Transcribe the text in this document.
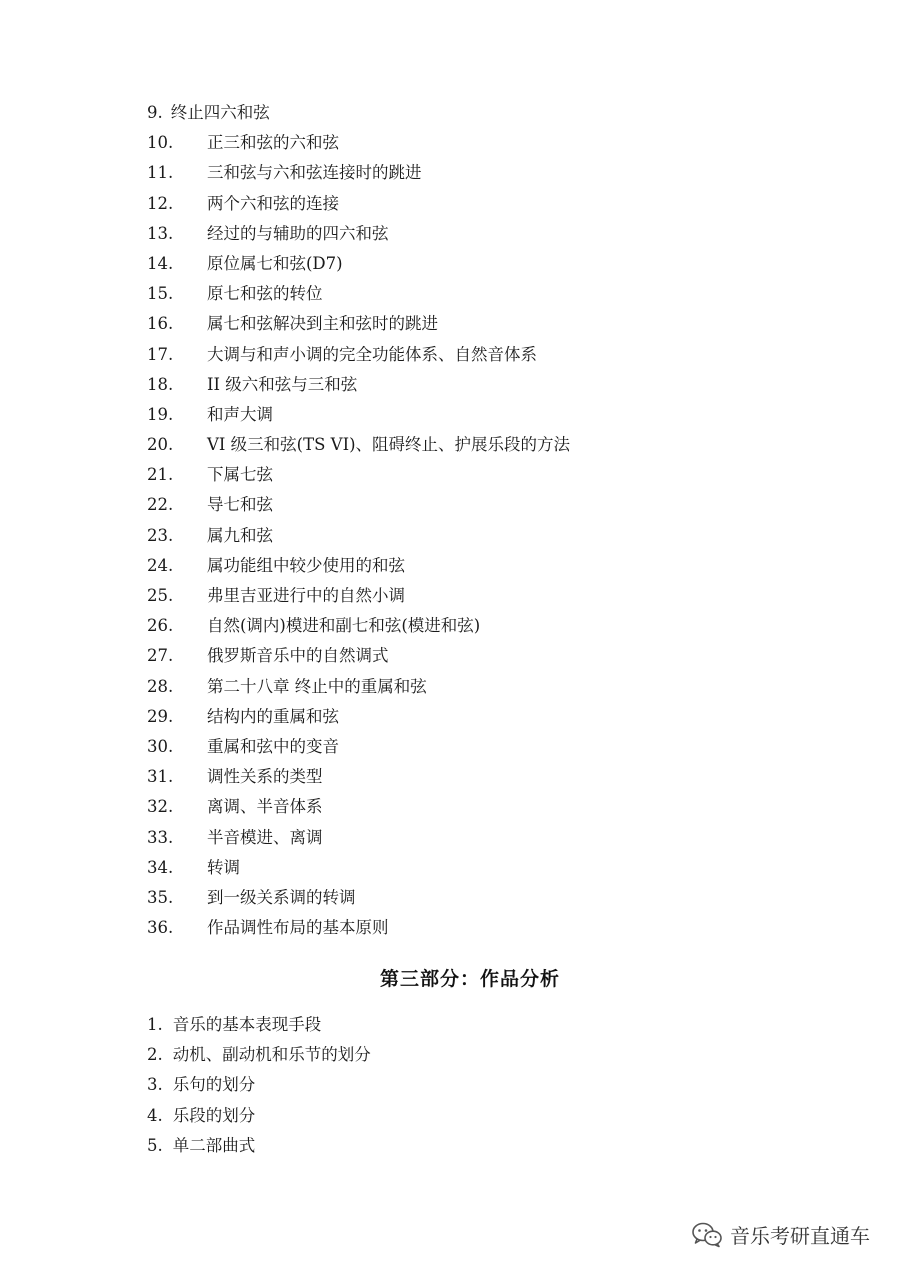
9. 终止四六和弦
10. 正三和弦的六和弦
11. 三和弦与六和弦连接时的跳进
12. 两个六和弦的连接
13. 经过的与辅助的四六和弦
14. 原位属七和弦(D7)
15. 原七和弦的转位
16. 属七和弦解决到主和弦时的跳进
17. 大调与和声小调的完全功能体系、自然音体系
18. II 级六和弦与三和弦
19. 和声大调
20. VI 级三和弦(TS VI)、阻碍终止、护展乐段的方法
21. 下属七弦
22. 导七和弦
23. 属九和弦
24. 属功能组中较少使用的和弦
25. 弗里吉亚进行中的自然小调
26. 自然(调内)模进和副七和弦(模进和弦)
27. 俄罗斯音乐中的自然调式
28. 第二十八章 终止中的重属和弦
29. 结构内的重属和弦
30. 重属和弦中的变音
31. 调性关系的类型
32. 离调、半音体系
33. 半音模进、离调
34. 转调
35. 到一级关系调的转调
36. 作品调性布局的基本原则
第三部分：作品分析
1. 音乐的基本表现手段
2. 动机、副动机和乐节的划分
3. 乐句的划分
4. 乐段的划分
5. 单二部曲式
音乐考研直通车
